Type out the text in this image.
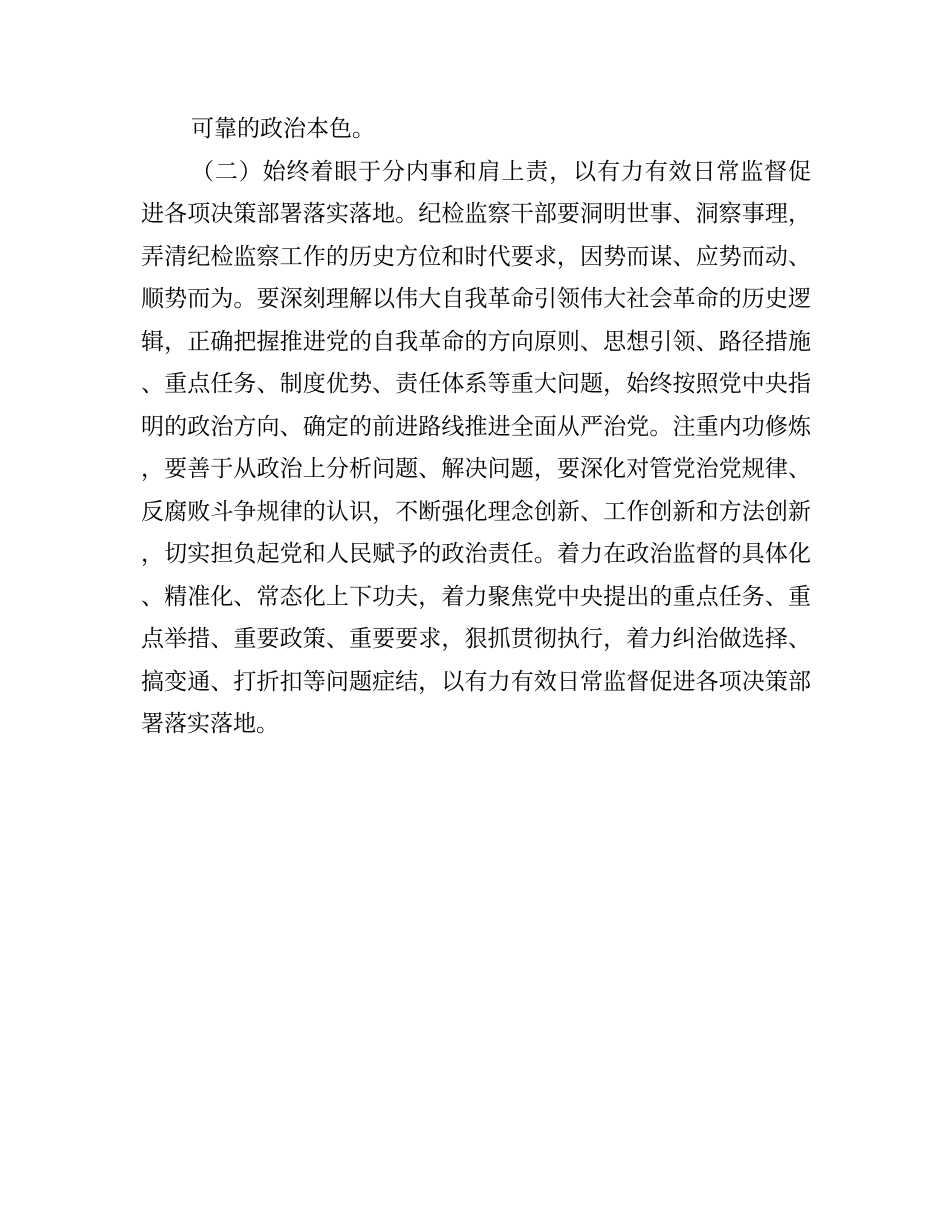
可靠的政治本色。

（二）始终着眼于分内事和肩上责，以有力有效日常监督促进各项决策部署落实落地。纪检监察干部要洞明世事、洞察事理，弄清纪检监察工作的历史方位和时代要求，因势而谋、应势而动、顺势而为。要深刻理解以伟大自我革命引领伟大社会革命的历史逻辑，正确把握推进党的自我革命的方向原则、思想引领、路径措施、重点任务、制度优势、责任体系等重大问题，始终按照党中央指明的政治方向、确定的前进路线推进全面从严治党。注重内功修炼，要善于从政治上分析问题、解决问题，要深化对管党治党规律、反腐败斗争规律的认识，不断强化理念创新、工作创新和方法创新，切实担负起党和人民赋予的政治责任。着力在政治监督的具体化、精准化、常态化上下功夫，着力聚焦党中央提出的重点任务、重点举措、重要政策、重要要求，狠抓贯彻执行，着力纠治做选择、搞变通、打折扣等问题症结，以有力有效日常监督促进各项决策部署落实落地。
